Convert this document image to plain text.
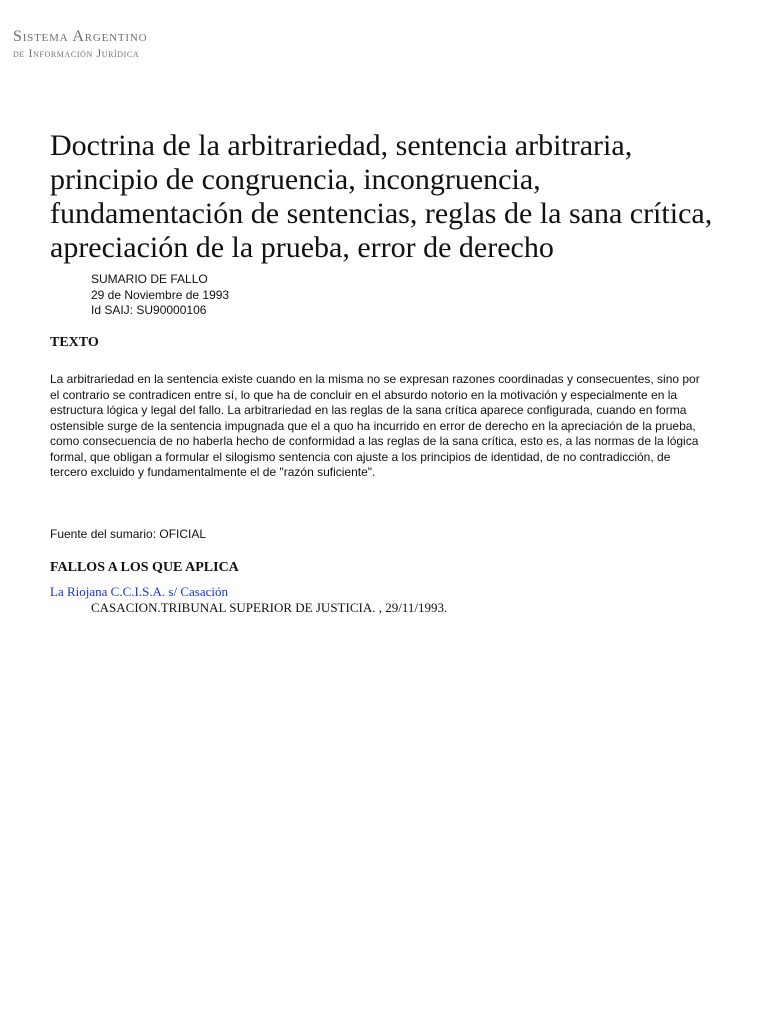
Sistema Argentino
de Información Jurídica
Doctrina de la arbitrariedad, sentencia arbitraria, principio de congruencia, incongruencia, fundamentación de sentencias, reglas de la sana crítica, apreciación de la prueba, error de derecho
SUMARIO DE FALLO
29 de Noviembre de 1993
Id SAIJ: SU90000106
TEXTO

La arbitrariedad en la sentencia existe cuando en la misma no se expresan razones coordinadas y consecuentes, sino por el contrario se contradicen entre sí, lo que ha de concluir en el absurdo notorio en la motivación y especialmente en la estructura lógica y legal del fallo. La arbitrariedad en las reglas de la sana crítica aparece configurada, cuando en forma ostensible surge de la sentencia impugnada que el a quo ha incurrido en error de derecho en la apreciación de la prueba, como consecuencia de no haberla hecho de conformidad a las reglas de la sana crítica, esto es, a las normas de la lógica formal, que obligan a formular el silogismo sentencia con ajuste a los principios de identidad, de no contradicción, de tercero excluido y fundamentalmente el de "razón suficiente".

Fuente del sumario: OFICIAL

FALLOS A LOS QUE APLICA
La Riojana C.C.I.S.A. s/ Casación
CASACION.TRIBUNAL SUPERIOR DE JUSTICIA. , 29/11/1993.
